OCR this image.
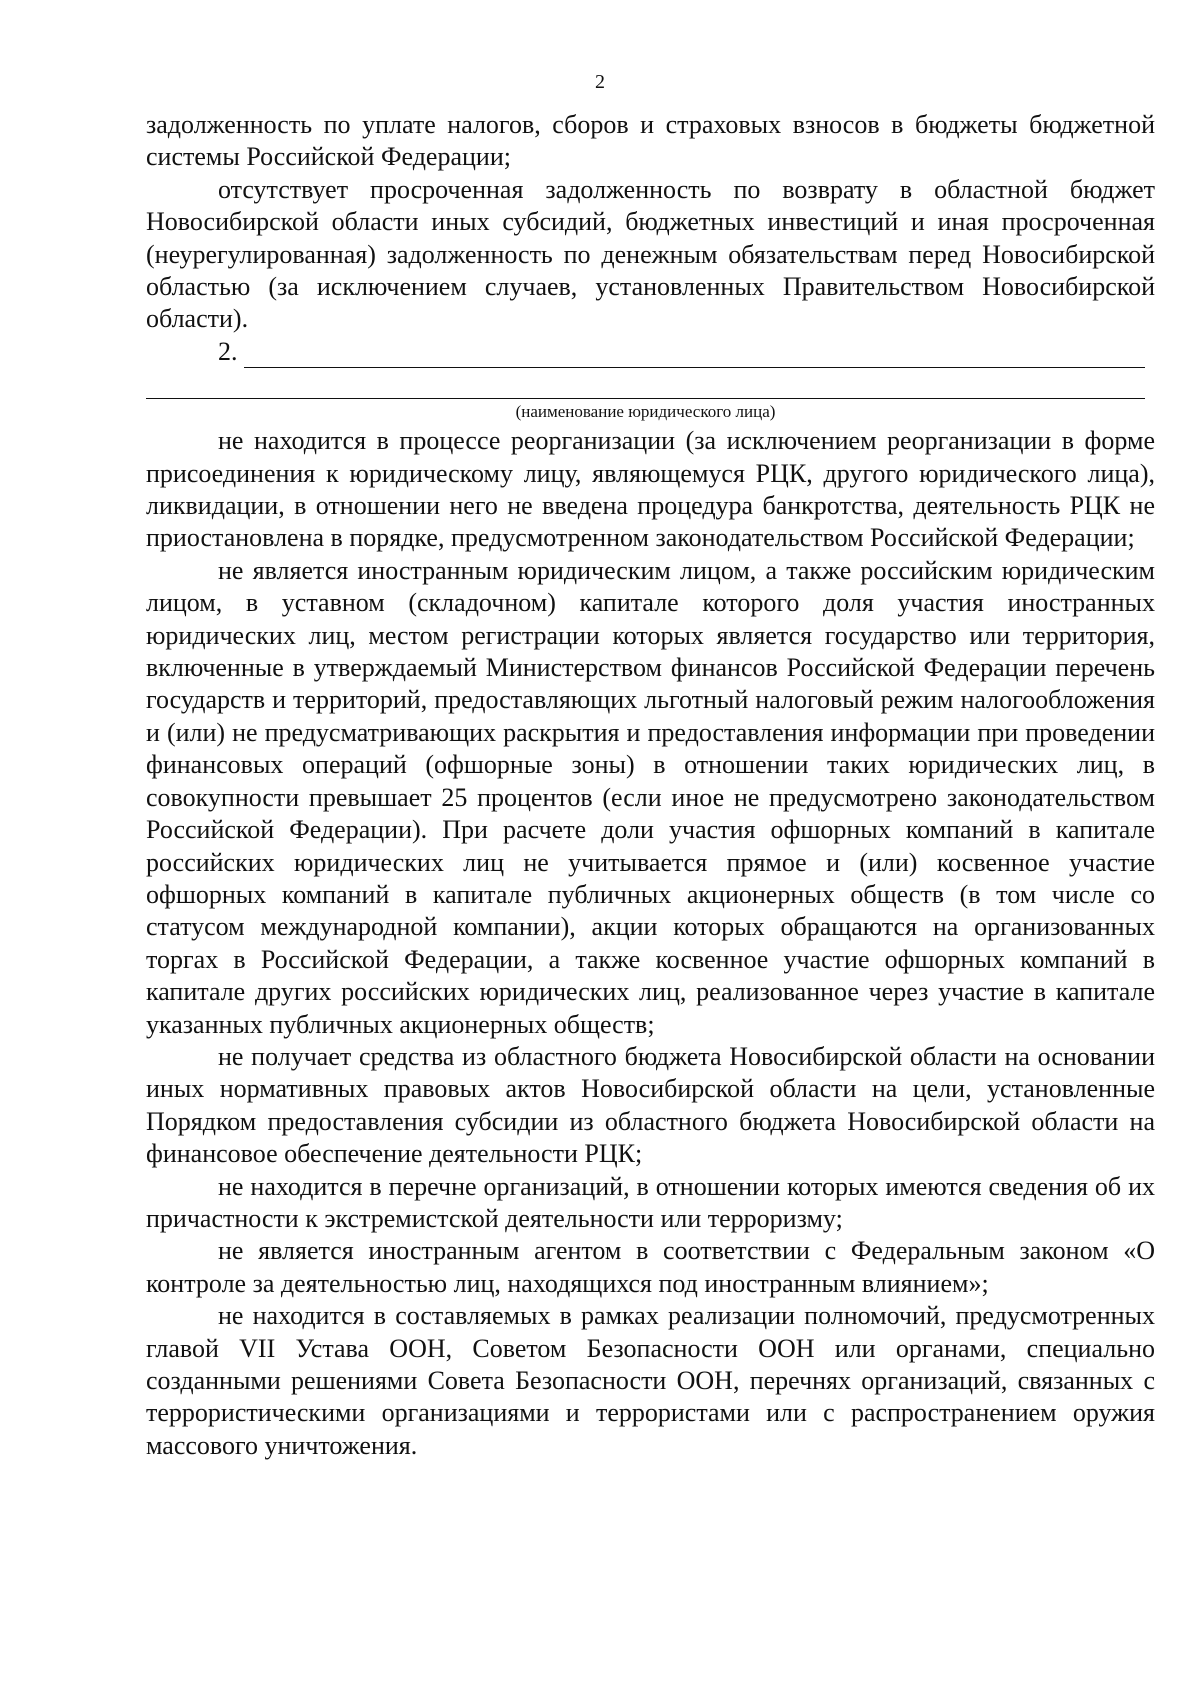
2

задолженность по уплате налогов, сборов и страховых взносов в бюджеты бюджетной системы Российской Федерации;

отсутствует просроченная задолженность по возврату в областной бюджет Новосибирской области иных субсидий, бюджетных инвестиций и иная просроченная (неурегулированная) задолженность по денежным обязательствам перед Новосибирской областью (за исключением случаев, установленных Правительством Новосибирской области).

2.
(наименование юридического лица)

не находится в процессе реорганизации (за исключением реорганизации в форме присоединения к юридическому лицу, являющемуся РЦК, другого юридического лица), ликвидации, в отношении него не введена процедура банкротства, деятельность РЦК не приостановлена в порядке, предусмотренном законодательством Российской Федерации;

не является иностранным юридическим лицом, а также российским юридическим лицом, в уставном (складочном) капитале которого доля участия иностранных юридических лиц, местом регистрации которых является государство или территория, включенные в утверждаемый Министерством финансов Российской Федерации перечень государств и территорий, предоставляющих льготный налоговый режим налогообложения и (или) не предусматривающих раскрытия и предоставления информации при проведении финансовых операций (офшорные зоны) в отношении таких юридических лиц, в совокупности превышает 25 процентов (если иное не предусмотрено законодательством Российской Федерации). При расчете доли участия офшорных компаний в капитале российских юридических лиц не учитывается прямое и (или) косвенное участие офшорных компаний в капитале публичных акционерных обществ (в том числе со статусом международной компании), акции которых обращаются на организованных торгах в Российской Федерации, а также косвенное участие офшорных компаний в капитале других российских юридических лиц, реализованное через участие в капитале указанных публичных акционерных обществ;

не получает средства из областного бюджета Новосибирской области на основании иных нормативных правовых актов Новосибирской области на цели, установленные Порядком предоставления субсидии из областного бюджета Новосибирской области на финансовое обеспечение деятельности РЦК;

не находится в перечне организаций, в отношении которых имеются сведения об их причастности к экстремистской деятельности или терроризму;

не является иностранным агентом в соответствии с Федеральным законом «О контроле за деятельностью лиц, находящихся под иностранным влиянием»;

не находится в составляемых в рамках реализации полномочий, предусмотренных главой VII Устава ООН, Советом Безопасности ООН или органами, специально созданными решениями Совета Безопасности ООН, перечнях организаций, связанных с террористическими организациями и террористами или с распространением оружия массового уничтожения.
